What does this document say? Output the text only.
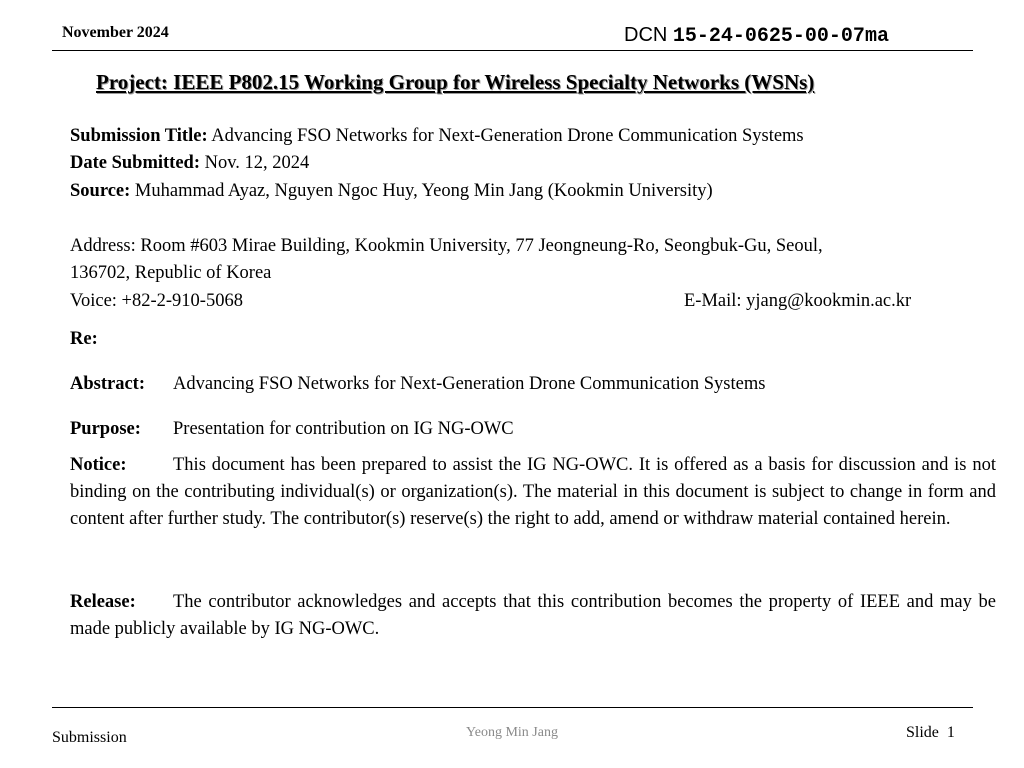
November 2024	DCN 15-24-0625-00-07ma
Project: IEEE P802.15 Working Group for Wireless Specialty Networks (WSNs)
Submission Title: Advancing FSO Networks for Next-Generation Drone Communication Systems
Date Submitted: Nov. 12, 2024
Source: Muhammad Ayaz, Nguyen Ngoc Huy, Yeong Min Jang (Kookmin University)
Address: Room #603 Mirae Building, Kookmin University, 77 Jeongneung-Ro, Seongbuk-Gu, Seoul,
136702, Republic of Korea
Voice: +82-2-910-5068	E-Mail: yjang@kookmin.ac.kr
Re:
Abstract: Advancing FSO Networks for Next-Generation Drone Communication Systems
Purpose: Presentation for contribution on IG NG-OWC
Notice:	This document has been prepared to assist the IG NG-OWC. It is offered as a basis for discussion and is not binding on the contributing individual(s) or organization(s). The material in this document is subject to change in form and content after further study. The contributor(s) reserve(s) the right to add, amend or withdraw material contained herein.
Release: The contributor acknowledges and accepts that this contribution becomes the property of IEEE and may be made publicly available by IG NG-OWC.
Submission	Yeong Min Jang	Slide 1
